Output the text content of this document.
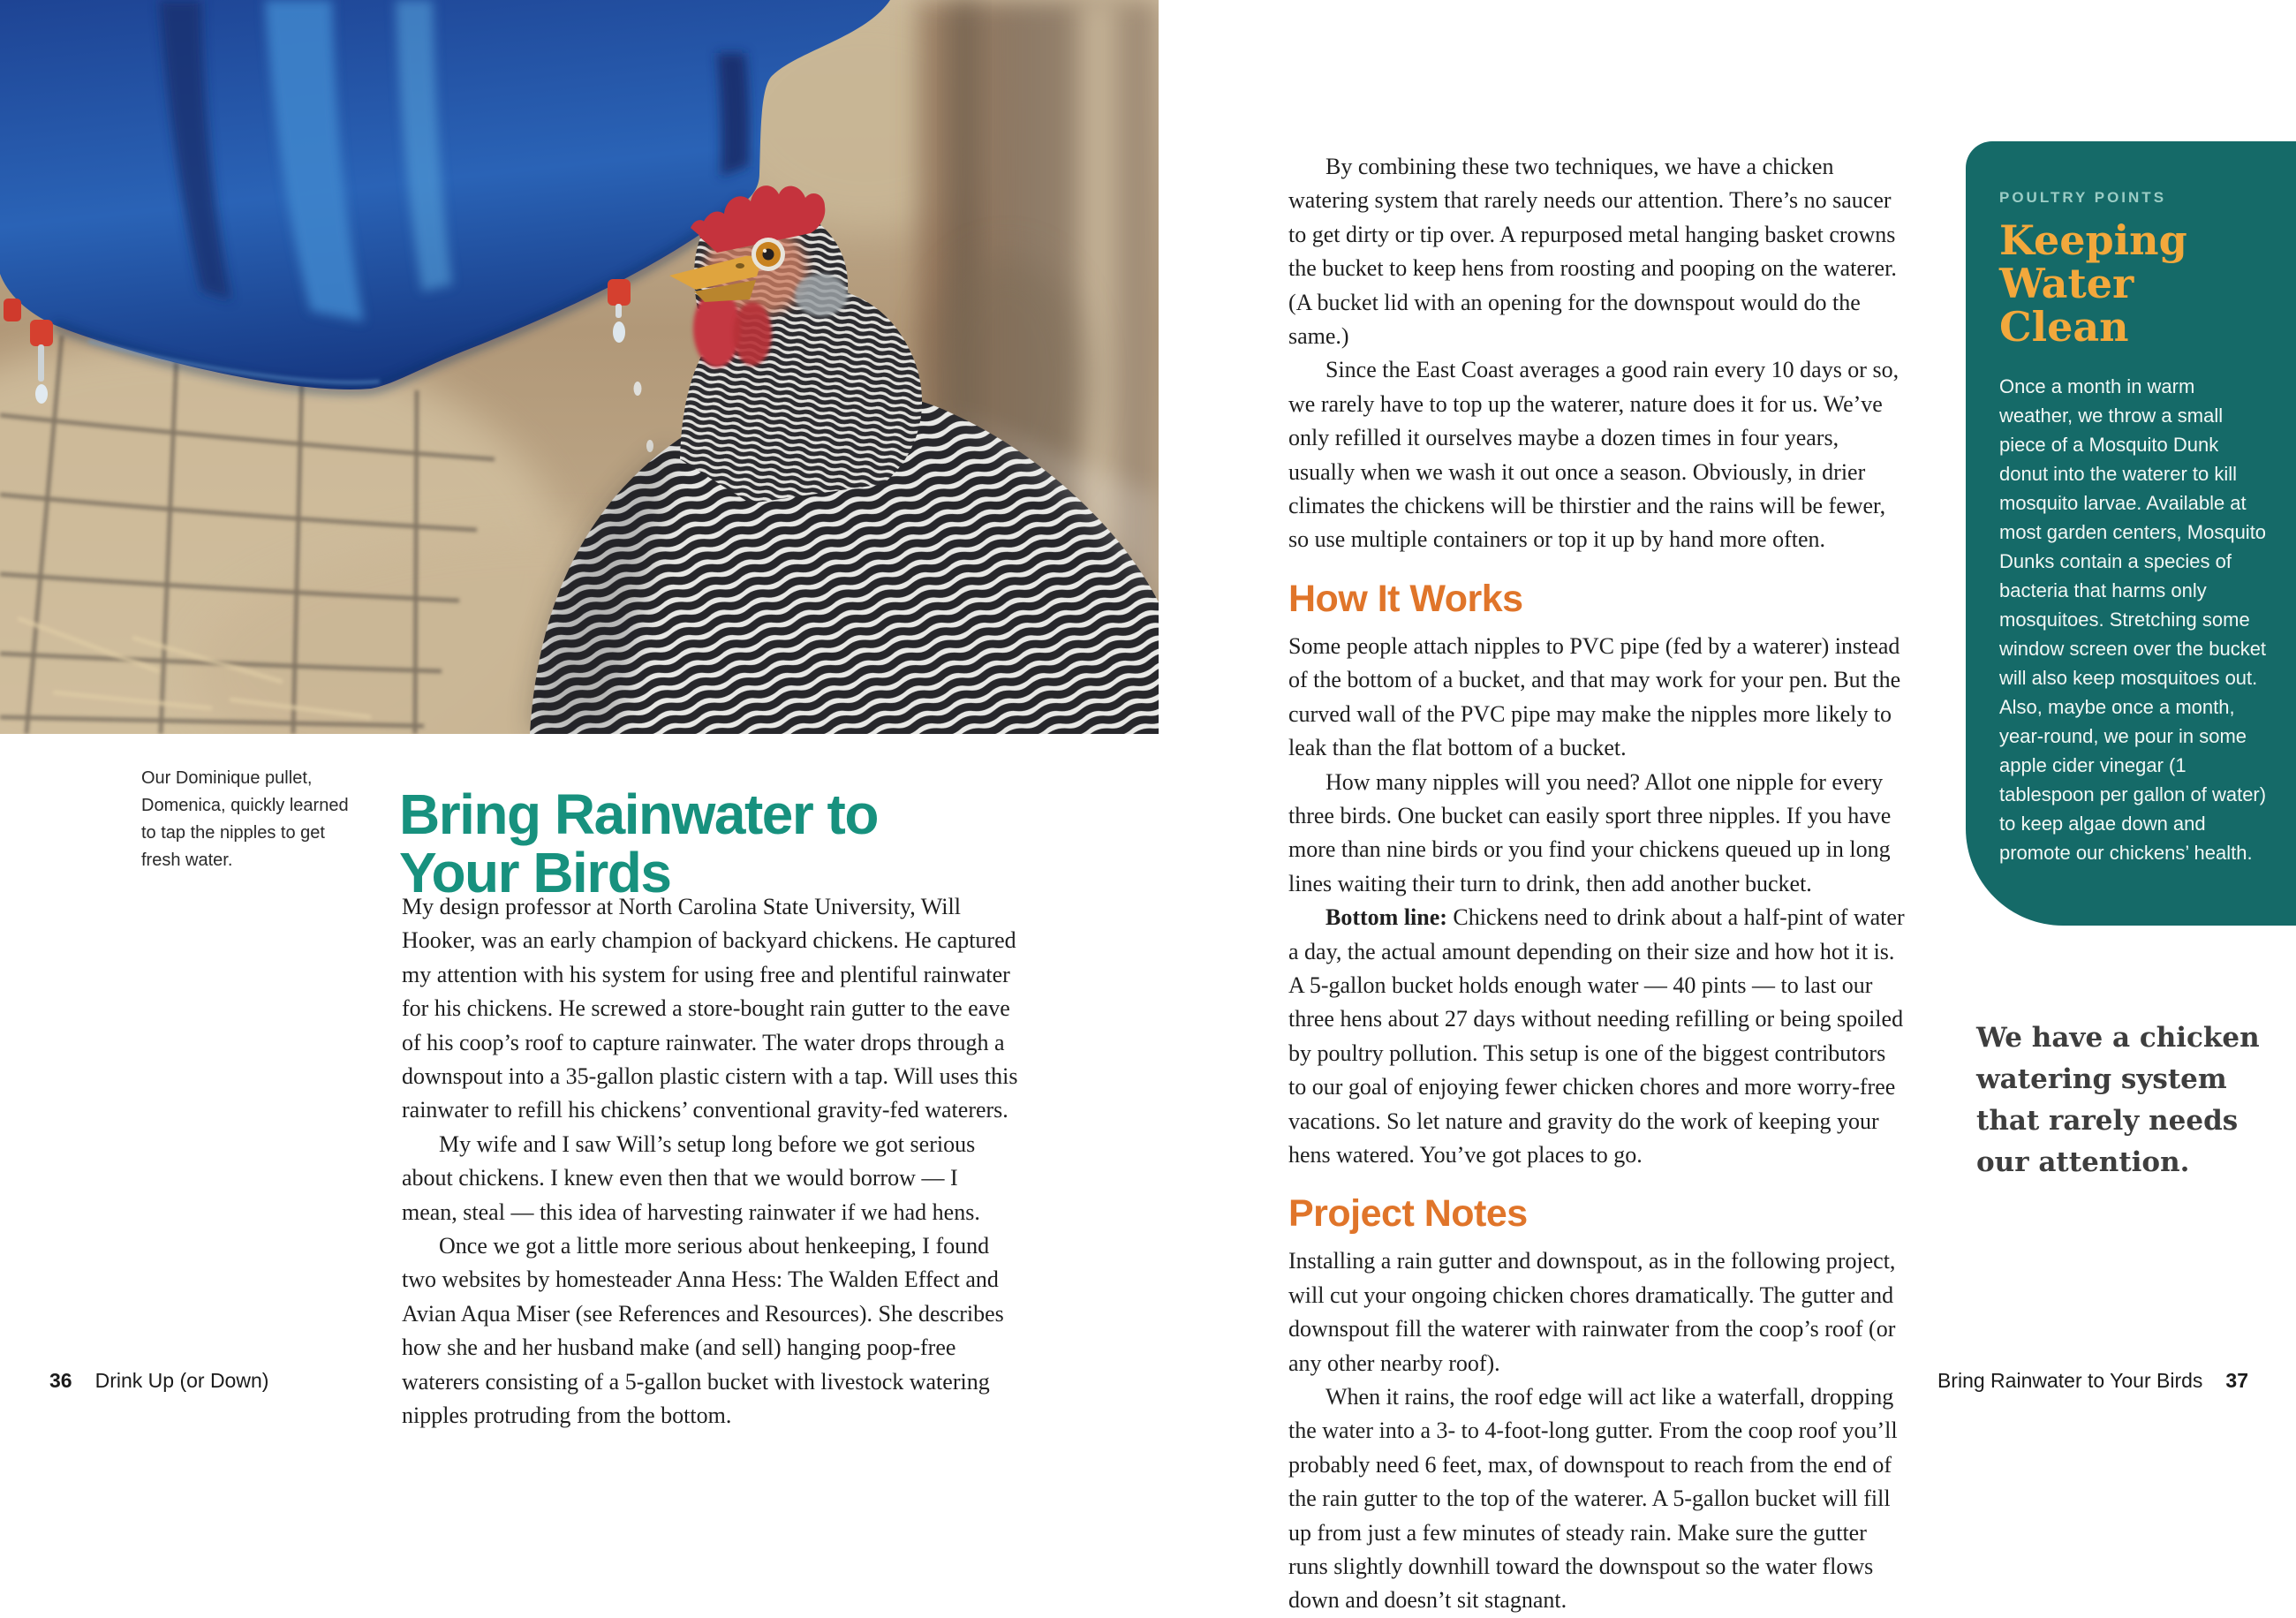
Our Dominique pullet, Domenica, quickly learned to tap the nipples to get fresh water.
Bring Rainwater to Your Birds

My design professor at North Carolina State University, Will Hooker, was an early champion of backyard chickens. He captured my attention with his system for using free and plentiful rainwater for his chickens. He screwed a store-bought rain gutter to the eave of his coop’s roof to capture rainwater. The water drops through a downspout into a 35-gallon plastic cistern with a tap. Will uses this rainwater to refill his chickens’ conventional gravity-fed waterers.

My wife and I saw Will’s setup long before we got serious about chickens. I knew even then that we would borrow — I mean, steal — this idea of harvesting rainwater if we had hens.

Once we got a little more serious about henkeeping, I found two websites by homesteader Anna Hess: The Walden Effect and Avian Aqua Miser (see References and Resources). She describes how she and her husband make (and sell) hanging poop-free waterers consisting of a 5-gallon bucket with livestock watering nipples protruding from the bottom.

36 Drink Up (or Down)

By combining these two techniques, we have a chicken watering system that rarely needs our attention. There’s no saucer to get dirty or tip over. A repurposed metal hanging basket crowns the bucket to keep hens from roosting and pooping on the waterer. (A bucket lid with an opening for the downspout would do the same.)

Since the East Coast averages a good rain every 10 days or so, we rarely have to top up the waterer, nature does it for us. We’ve only refilled it ourselves maybe a dozen times in four years, usually when we wash it out once a season. Obviously, in drier climates the chickens will be thirstier and the rains will be fewer, so use multiple containers or top it up by hand more often.

How It Works

Some people attach nipples to PVC pipe (fed by a waterer) instead of the bottom of a bucket, and that may work for your pen. But the curved wall of the PVC pipe may make the nipples more likely to leak than the flat bottom of a bucket.

How many nipples will you need? Allot one nipple for every three birds. One bucket can easily sport three nipples. If you have more than nine birds or you find your chickens queued up in long lines waiting their turn to drink, then add another bucket.

Bottom line: Chickens need to drink about a half-pint of water a day, the actual amount depending on their size and how hot it is. A 5-gallon bucket holds enough water — 40 pints — to last our three hens about 27 days without needing refilling or being spoiled by poultry pollution. This setup is one of the biggest contributors to our goal of enjoying fewer chicken chores and more worry-free vacations. So let nature and gravity do the work of keeping your hens watered. You’ve got places to go.

Project Notes

Installing a rain gutter and downspout, as in the following project, will cut your ongoing chicken chores dramatically. The gutter and downspout fill the waterer with rainwater from the coop’s roof (or any other nearby roof).

When it rains, the roof edge will act like a waterfall, dropping the water into a 3- to 4-foot-long gutter. From the coop roof you’ll probably need 6 feet, max, of downspout to reach from the end of the rain gutter to the top of the waterer. A 5-gallon bucket will fill up from just a few minutes of steady rain. Make sure the gutter runs slightly downhill toward the downspout so the water flows down and doesn’t sit stagnant.

POULTRY POINTS
Keeping Water Clean
Once a month in warm weather, we throw a small piece of a Mosquito Dunk donut into the waterer to kill mosquito larvae. Available at most garden centers, Mosquito Dunks contain a species of bacteria that harms only mosquitoes. Stretching some window screen over the bucket will also keep mosquitoes out. Also, maybe once a month, year-round, we pour in some apple cider vinegar (1 tablespoon per gallon of water) to keep algae down and promote our chickens’ health.
We have a chicken watering system that rarely needs our attention.
Bring Rainwater to Your Birds 37
